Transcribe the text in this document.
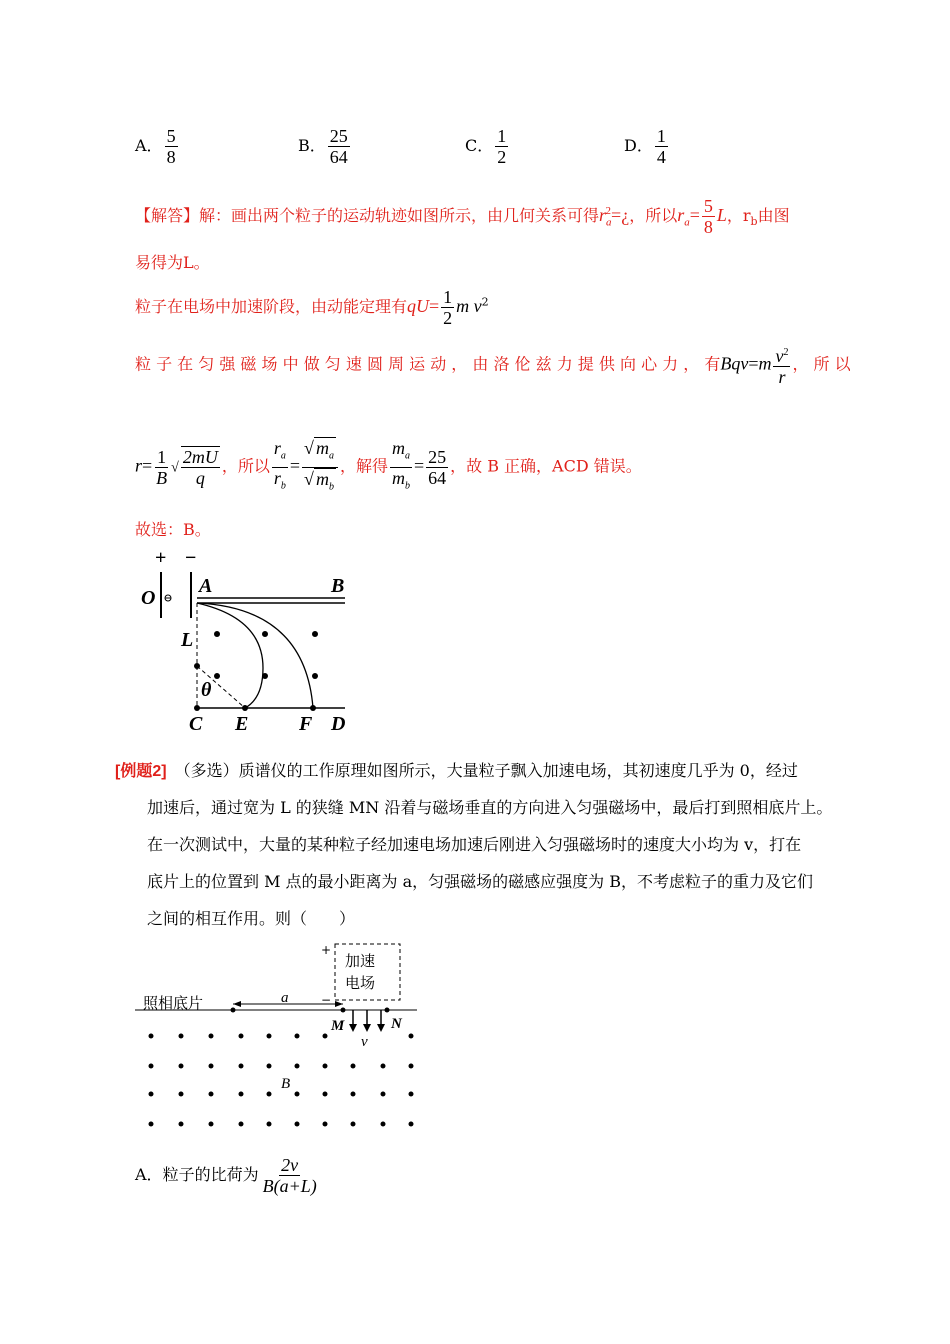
A． $\frac{5}{8}$	B． $\frac{25}{64}$	C． $\frac{1}{2}$	D． $\frac{1}{4}$
【解答】解：画出两个粒子的运动轨迹如图所示，由几何关系可得$r_a^2=¿$，所以$r_a= \frac{5}{8}$ L，$r_b$由图
易得为L。
粒子在电场中加速阶段，由动能定理有$qU= \frac{1}{2}$ m $v^2$
粒 子 在 匀 强 磁 场 中 做 匀 速 圆 周 运 动 ， 由 洛 伦 兹 力 提 供 向 心 力 ， 有$Bqv=m \frac{v^2}{r}$ ， 所 以
$r= \frac{1}{B}$ √ $\frac{2mU}{q}$ ，所以 $\frac{r_a}{r_b} = \frac{√ m_a}{√ m_b}$ ，解得 $\frac{m_a}{m_b} = \frac{25}{64}$ ，故 B 正确，ACD 错误。
故选：B。
+ −
O
A	B
L
θ
C E	F D
[例题2]　 （多选）质谱仪的工作原理如图所示，大量粒子飘入加速电场，其初速度几乎为 0，经过
加速后，通过宽为 L 的狭缝 MN 沿着与磁场垂直的方向进入匀强磁场中，最后打到照相底片上。
在一次测试中，大量的某种粒子经加速电场加速后刚进入匀强磁场时的速度大小均为 v，打在
底片上的位置到 M 点的最小距离为 a，匀强磁场的磁感应强度为 B，不考虑粒子的重力及它们
之间的相互作用。则（　　）
加速
电场
照相底片
+
−
a
M	N
v
B
A．粒子的比荷为 $\frac{2v}{B(a+L)}$
